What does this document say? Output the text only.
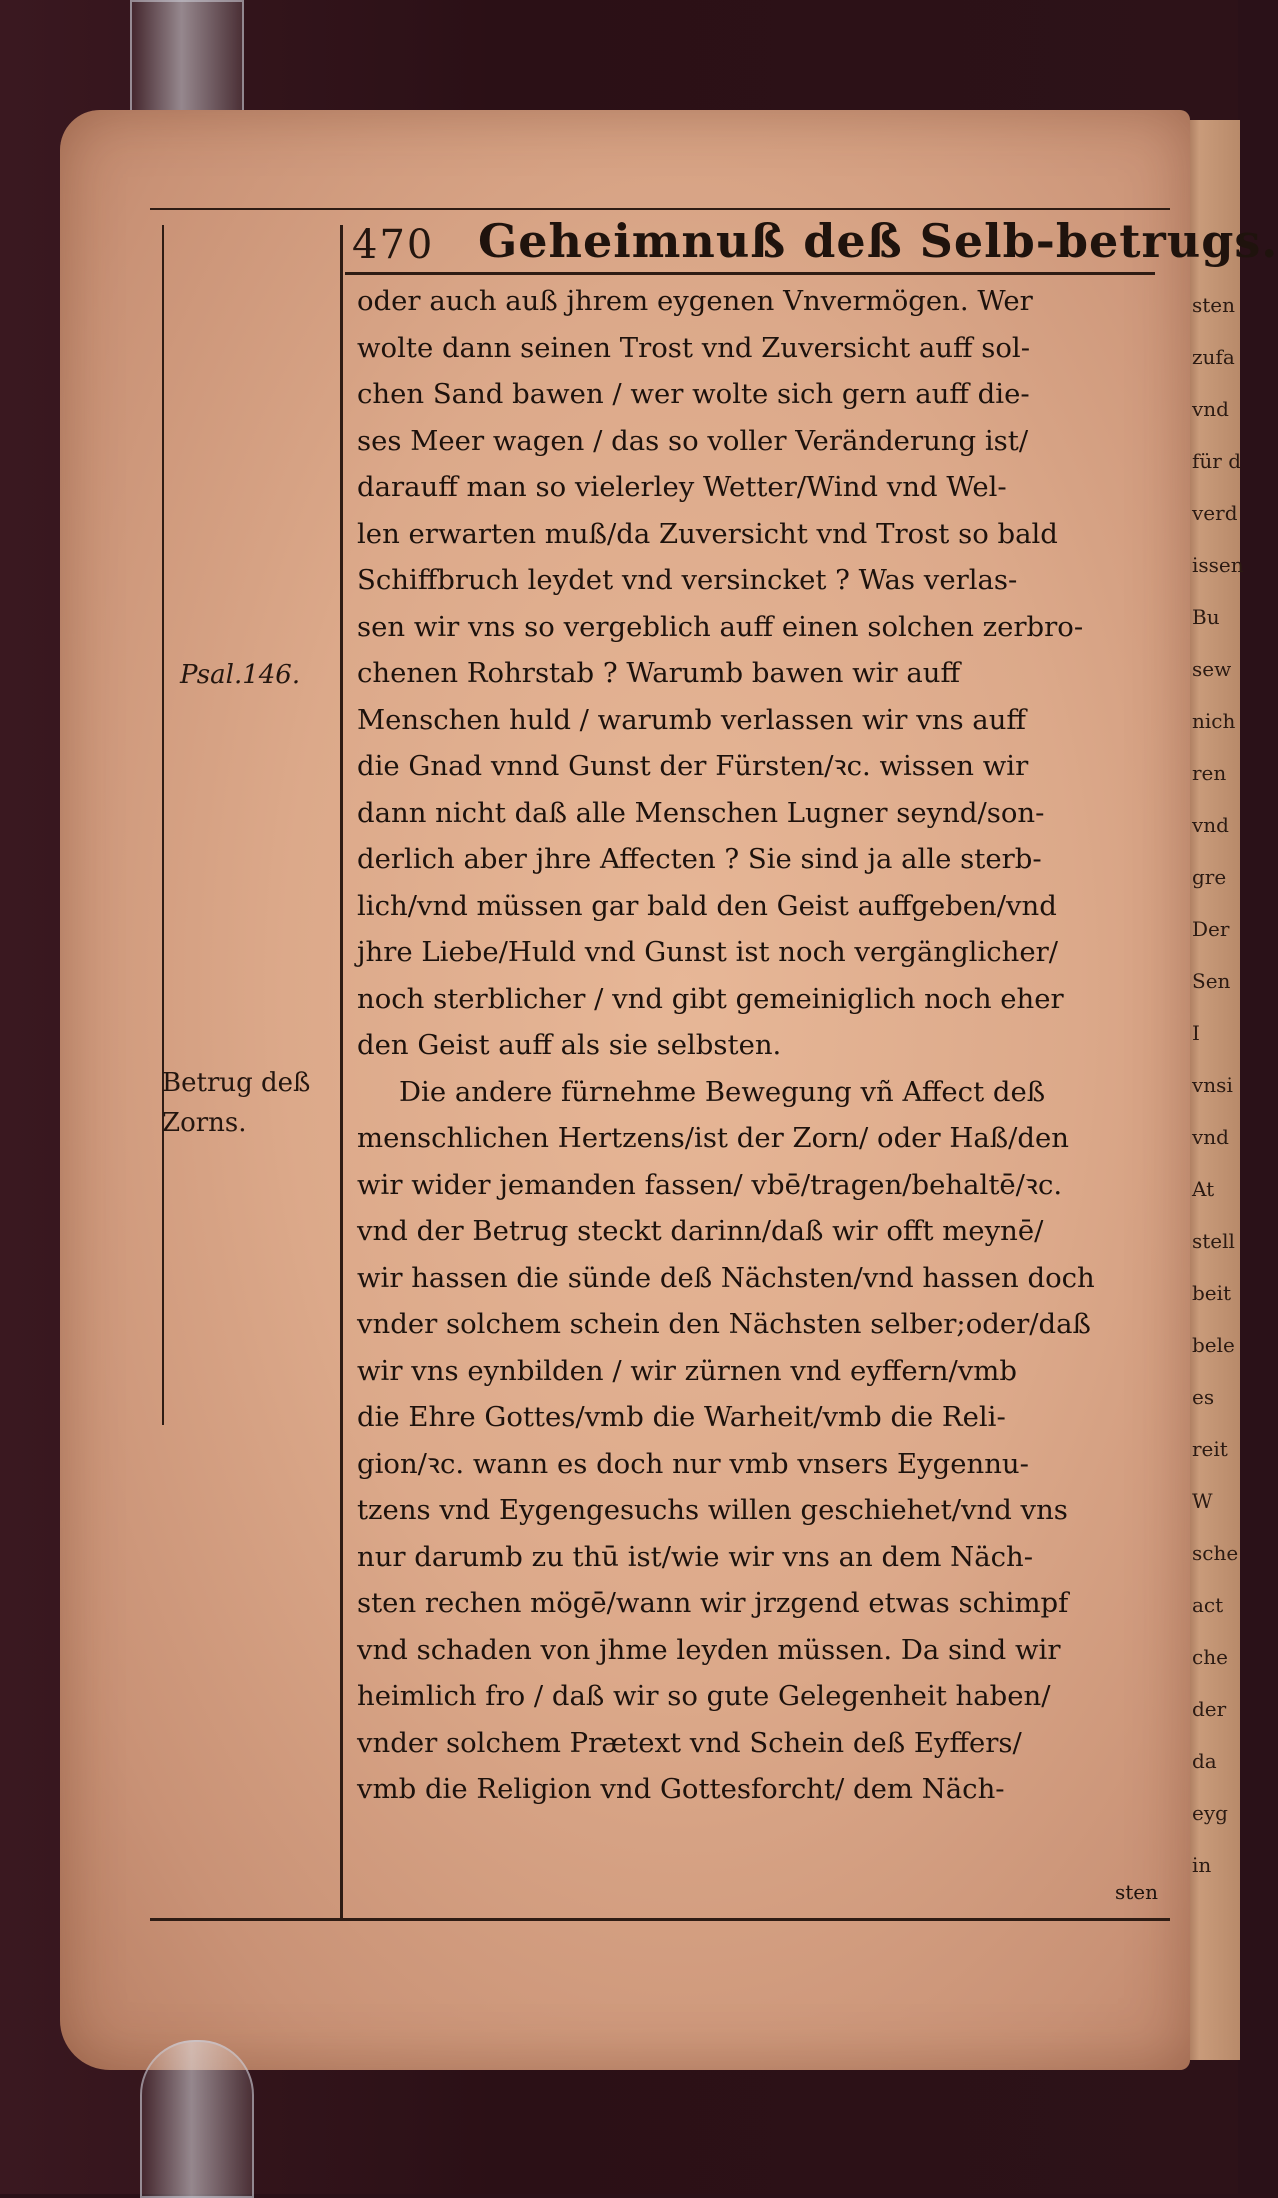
sten
zufa
vnd
für d
verd
issen
Bu
sew
nich
ren
vnd
gre
Der
Sen
I
vnsi
vnd
At
stell
beit
bele
es
reit
W
sche
act
che
der
da
eyg
in
470 Geheimnuß deß Selb-betrugs.
Psal.146.
Betrug deß
Zorns.
oder auch auß jhrem eygenen Vnvermögen. Wer
wolte dann seinen Trost vnd Zuversicht auff sol-
chen Sand bawen / wer wolte sich gern auff die-
ses Meer wagen / das so voller Veränderung ist/
darauff man so vielerley Wetter/Wind vnd Wel-
len erwarten muß/da Zuversicht vnd Trost so bald
Schiffbruch leydet vnd versincket ? Was verlas-
sen wir vns so vergeblich auff einen solchen zerbro-
chenen Rohrstab ? Warumb bawen wir auff
Menschen huld / warumb verlassen wir vns auff
die Gnad vnnd Gunst der Fürsten/ꝛc. wissen wir
dann nicht daß alle Menschen Lugner seynd/son-
derlich aber jhre Affecten ? Sie sind ja alle sterb-
lich/vnd müssen gar bald den Geist auffgeben/vnd
jhre Liebe/Huld vnd Gunst ist noch vergänglicher/
noch sterblicher / vnd gibt gemeiniglich noch eher
den Geist auff als sie selbsten.
Die andere fürnehme Bewegung vñ Affect deß
menschlichen Hertzens/ist der Zorn/ oder Haß/den
wir wider jemanden fassen/ vbē/tragen/behaltē/ꝛc.
vnd der Betrug steckt darinn/daß wir offt meynē/
wir hassen die sünde deß Nächsten/vnd hassen doch
vnder solchem schein den Nächsten selber;oder/daß
wir vns eynbilden / wir zürnen vnd eyffern/vmb
die Ehre Gottes/vmb die Warheit/vmb die Reli-
gion/ꝛc. wann es doch nur vmb vnsers Eygennu-
tzens vnd Eygengesuchs willen geschiehet/vnd vns
nur darumb zu thū ist/wie wir vns an dem Näch-
sten rechen mögē/wann wir jrzgend etwas schimpf
vnd schaden von jhme leyden müssen. Da sind wir
heimlich fro / daß wir so gute Gelegenheit haben/
vnder solchem Prætext vnd Schein deß Eyffers/
vmb die Religion vnd Gottesforcht/ dem Näch-
sten
